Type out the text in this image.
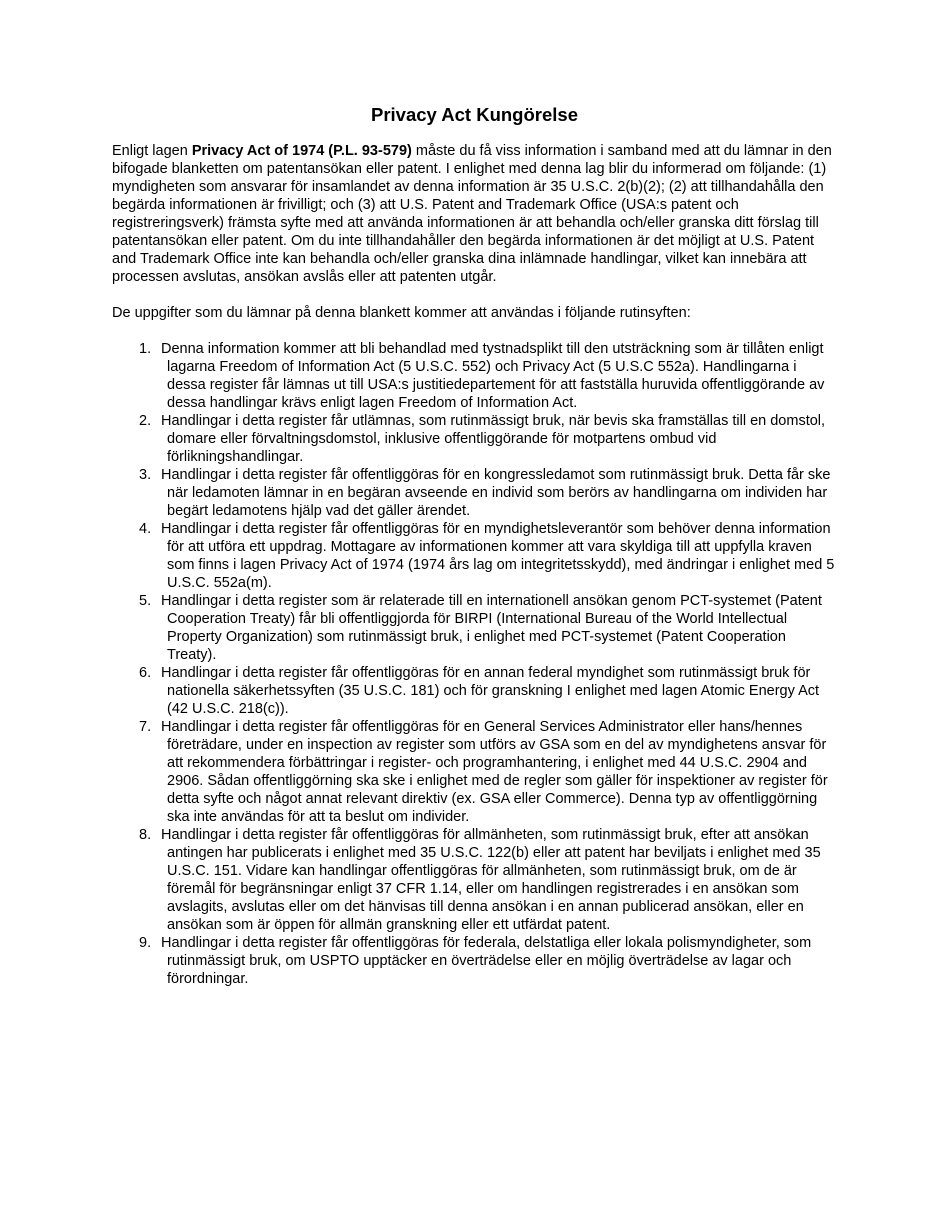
Privacy Act Kungörelse

Enligt lagen Privacy Act of 1974 (P.L. 93-579) måste du få viss information i samband med att du lämnar in den bifogade blanketten om patentansökan eller patent. I enlighet med denna lag blir du informerad om följande: (1) myndigheten som ansvarar för insamlandet av denna information är 35 U.S.C. 2(b)(2); (2) att tillhandahålla den begärda informationen är frivilligt; och (3) att U.S. Patent and Trademark Office (USA:s patent och registreringsverk) främsta syfte med att använda informationen är att behandla och/eller granska ditt förslag till patentansökan eller patent. Om du inte tillhandahåller den begärda informationen är det möjligt at U.S. Patent and Trademark Office inte kan behandla och/eller granska dina inlämnade handlingar, vilket kan innebära att processen avslutas, ansökan avslås eller att patenten utgår.

De uppgifter som du lämnar på denna blankett kommer att användas i följande rutinsyften:

1. Denna information kommer att bli behandlad med tystnadsplikt till den utsträckning som är tillåten enligt lagarna Freedom of Information Act (5 U.S.C. 552) och Privacy Act (5 U.S.C 552a). Handlingarna i dessa register får lämnas ut till USA:s justitiedepartement för att fastställa huruvida offentliggörande av dessa handlingar krävs enligt lagen Freedom of Information Act.
2. Handlingar i detta register får utlämnas, som rutinmässigt bruk, när bevis ska framställas till en domstol, domare eller förvaltningsdomstol, inklusive offentliggörande för motpartens ombud vid förlikningshandlingar.
3. Handlingar i detta register får offentliggöras för en kongressledamot som rutinmässigt bruk. Detta får ske när ledamoten lämnar in en begäran avseende en individ som berörs av handlingarna om individen har begärt ledamotens hjälp vad det gäller ärendet.
4. Handlingar i detta register får offentliggöras för en myndighetsleverantör som behöver denna information för att utföra ett uppdrag. Mottagare av informationen kommer att vara skyldiga till att uppfylla kraven som finns i lagen Privacy Act of 1974 (1974 års lag om integritetsskydd), med ändringar i enlighet med 5 U.S.C. 552a(m).
5. Handlingar i detta register som är relaterade till en internationell ansökan genom PCT-systemet (Patent Cooperation Treaty) får bli offentliggjorda för BIRPI (International Bureau of the World Intellectual Property Organization) som rutinmässigt bruk, i enlighet med PCT-systemet (Patent Cooperation Treaty).
6. Handlingar i detta register får offentliggöras för en annan federal myndighet som rutinmässigt bruk för nationella säkerhetssyften (35 U.S.C. 181) och för granskning I enlighet med lagen Atomic Energy Act (42 U.S.C. 218(c)).
7. Handlingar i detta register får offentliggöras för en General Services Administrator eller hans/hennes företrädare, under en inspection av register som utförs av GSA som en del av myndighetens ansvar för att rekommendera förbättringar i register- och programhantering, i enlighet med 44 U.S.C. 2904 and 2906. Sådan offentliggörning ska ske i enlighet med de regler som gäller för inspektioner av register för detta syfte och något annat relevant direktiv (ex. GSA eller Commerce). Denna typ av offentliggörning ska inte användas för att ta beslut om individer.
8. Handlingar i detta register får offentliggöras för allmänheten, som rutinmässigt bruk, efter att ansökan antingen har publicerats i enlighet med 35 U.S.C. 122(b) eller att patent har beviljats i enlighet med 35 U.S.C. 151. Vidare kan handlingar offentliggöras för allmänheten, som rutinmässigt bruk, om de är föremål för begränsningar enligt 37 CFR 1.14, eller om handlingen registrerades i en ansökan som avslagits, avslutas eller om det hänvisas till denna ansökan i en annan publicerad ansökan, eller en ansökan som är öppen för allmän granskning eller ett utfärdat patent.
9. Handlingar i detta register får offentliggöras för federala, delstatliga eller lokala polismyndigheter, som rutinmässigt bruk, om USPTO upptäcker en överträdelse eller en möjlig överträdelse av lagar och förordningar.
